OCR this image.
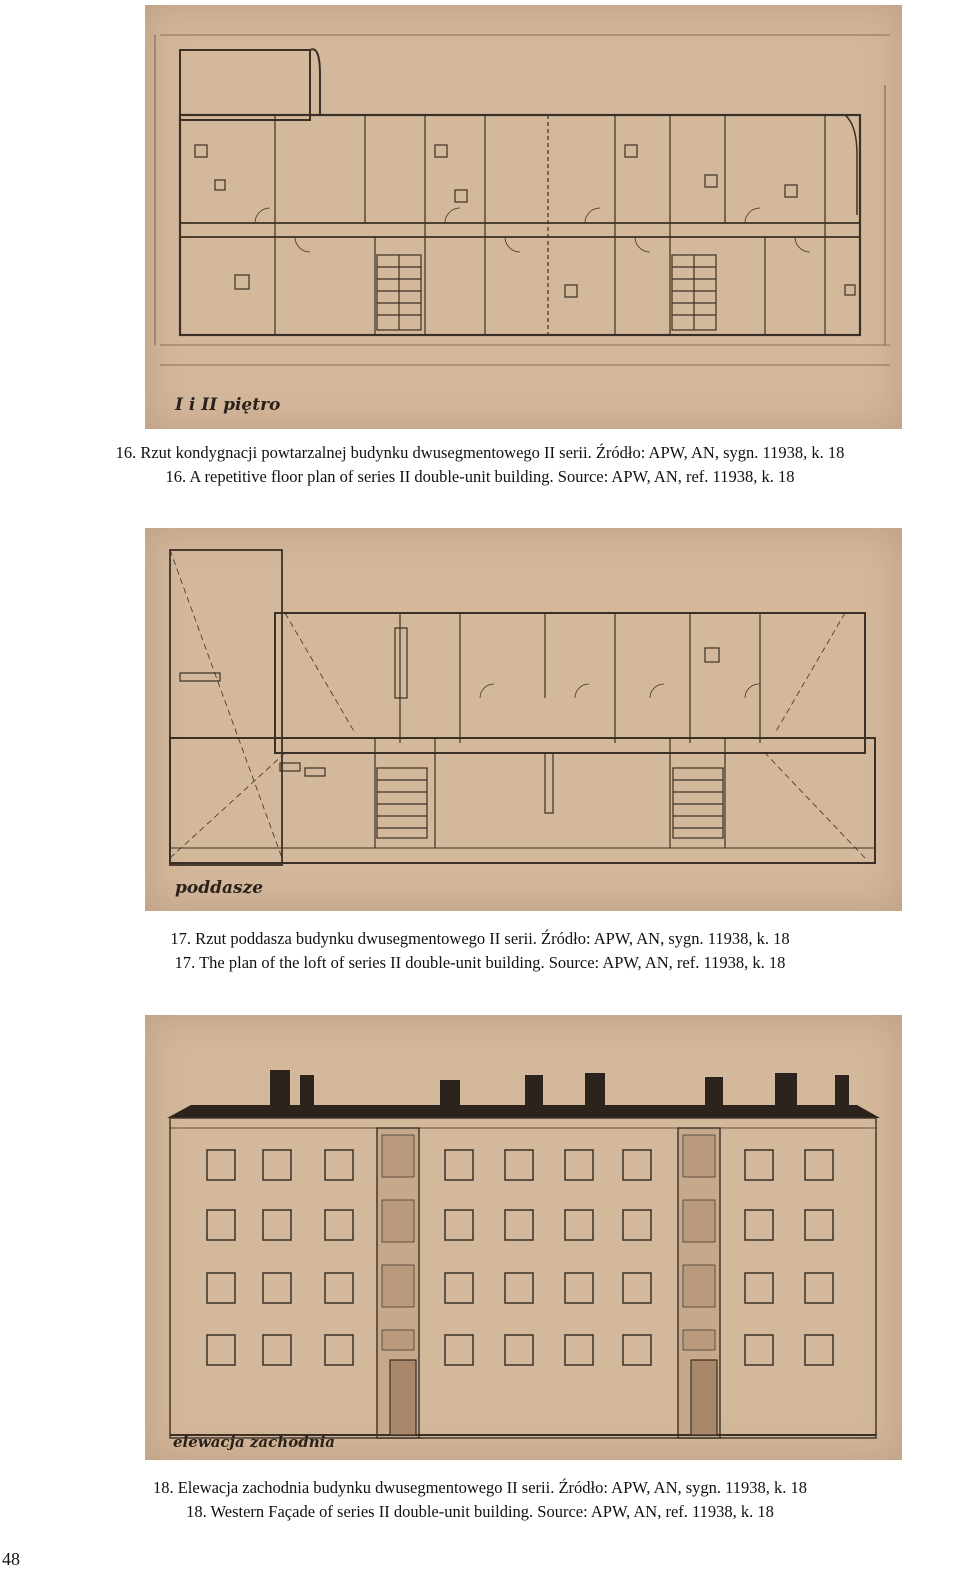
I i II piętro
16. Rzut kondygnacji powtarzalnej budynku dwusegmentowego II serii. Źródło: APW, AN, sygn. 11938, k. 18
16. A repetitive floor plan of series II double-unit building. Source: APW, AN, ref. 11938, k. 18
poddasze
17. Rzut poddasza budynku dwusegmentowego II serii. Źródło: APW, AN, sygn. 11938, k. 18
17. The plan of the loft of series II double-unit building. Source: APW, AN, ref. 11938, k. 18
elewacja zachodnia
18. Elewacja zachodnia budynku dwusegmentowego II serii. Źródło: APW, AN, sygn. 11938, k. 18
18. Western Façade of series II double-unit building. Source: APW, AN, ref. 11938, k. 18
48
